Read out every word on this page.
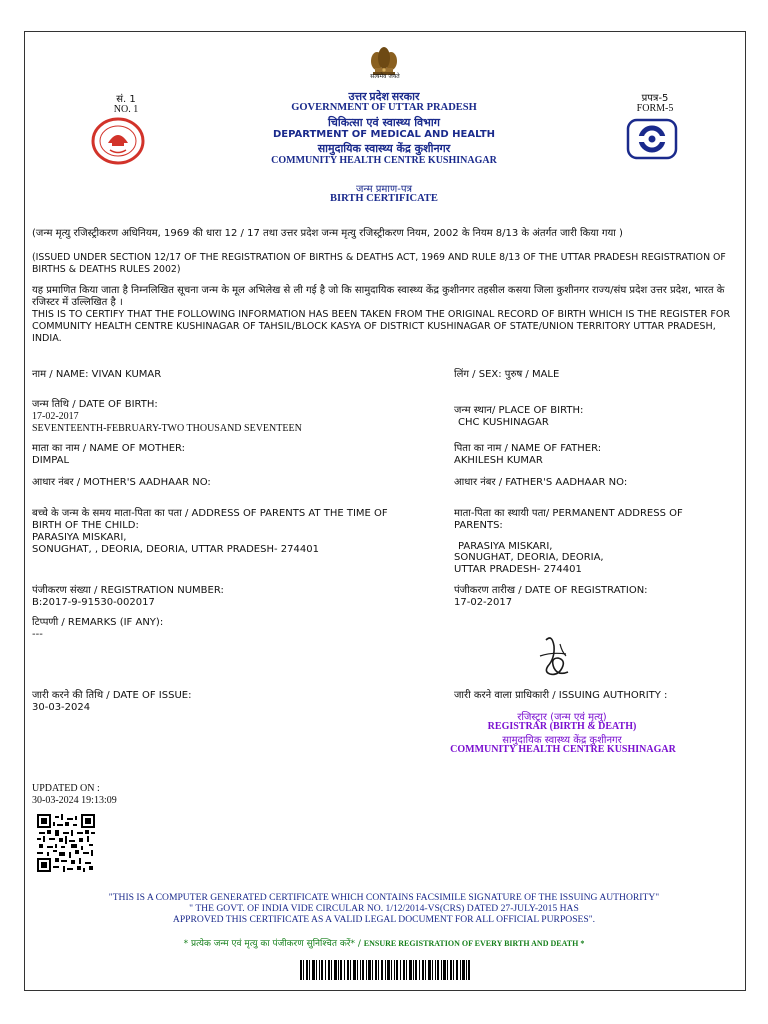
सत्यमेव जयते
सं. 1
NO. 1
प्रपत्र-5
FORM-5
उत्तर प्रदेश सरकार
GOVERNMENT OF UTTAR PRADESH
चिकित्सा एवं स्वास्थ्य विभाग
DEPARTMENT OF MEDICAL AND HEALTH
सामुदायिक स्वास्थ्य केंद्र कुशीनगर
COMMUNITY HEALTH CENTRE KUSHINAGAR
जन्म प्रमाण-पत्र
BIRTH CERTIFICATE
(जन्म मृत्यु रजिस्ट्रीकरण अधिनियम, 1969 की धारा 12 / 17 तथा उत्तर प्रदेश जन्म मृत्यु रजिस्ट्रीकरण नियम, 2002 के नियम 8/13 के अंतर्गत जारी किया गया )
(ISSUED UNDER SECTION 12/17 OF THE REGISTRATION OF BIRTHS & DEATHS ACT, 1969 AND RULE 8/13 OF THE UTTAR PRADESH REGISTRATION OF BIRTHS & DEATHS RULES 2002)
यह प्रमाणित किया जाता है निम्नलिखित सूचना जन्म के मूल अभिलेख से ली गई है जो कि सामुदायिक स्वास्थ्य केंद्र कुशीनगर तहसील कसया जिला कुशीनगर राज्य/संघ प्रदेश उत्तर प्रदेश, भारत के रजिस्टर में उल्लिखित है ।
THIS IS TO CERTIFY THAT THE FOLLOWING INFORMATION HAS BEEN TAKEN FROM THE ORIGINAL RECORD OF BIRTH WHICH IS THE REGISTER FOR COMMUNITY HEALTH CENTRE KUSHINAGAR OF TAHSIL/BLOCK KASYA OF DISTRICT KUSHINAGAR OF STATE/UNION TERRITORY UTTAR PRADESH, INDIA.
नाम / NAME: VIVAN KUMAR	लिंग / SEX: पुरुष / MALE
जन्म तिथि / DATE OF BIRTH:
17-02-2017
SEVENTEENTH-FEBRUARY-TWO THOUSAND SEVENTEEN
जन्म स्थान/ PLACE OF BIRTH:
CHC KUSHINAGAR
माता का नाम / NAME OF MOTHER:
DIMPAL
पिता का नाम / NAME OF FATHER:
AKHILESH KUMAR
आधार नंबर / MOTHER'S AADHAAR NO:	आधार नंबर / FATHER'S AADHAAR NO:
बच्चे के जन्म के समय माता-पिता का पता / ADDRESS OF PARENTS AT THE TIME OF
BIRTH OF THE CHILD:
PARASIYA MISKARI,
SONUGHAT, , DEORIA, DEORIA, UTTAR PRADESH- 274401
माता-पिता का स्थायी पता/ PERMANENT ADDRESS OF
PARENTS:
PARASIYA MISKARI,
SONUGHAT, DEORIA, DEORIA,
UTTAR PRADESH- 274401
पंजीकरण संख्या / REGISTRATION NUMBER:
B:2017-9-91530-002017
पंजीकरण तारीख / DATE OF REGISTRATION:
17-02-2017
टिप्पणी / REMARKS (IF ANY):
---
जारी करने की तिथि / DATE OF ISSUE:
30-03-2024
जारी करने वाला प्राधिकारी / ISSUING AUTHORITY :
रजिस्ट्रार (जन्म एवं मृत्यु)
REGISTRAR (BIRTH & DEATH)
सामुदायिक स्वास्थ्य केंद्र कुशीनगर
COMMUNITY HEALTH CENTRE KUSHINAGAR
UPDATED ON :
30-03-2024 19:13:09
"THIS IS A COMPUTER GENERATED CERTIFICATE WHICH CONTAINS FACSIMILE SIGNATURE OF THE ISSUING AUTHORITY"
" THE GOVT. OF INDIA VIDE CIRCULAR NO. 1/12/2014-VS(CRS) DATED 27-JULY-2015 HAS
APPROVED THIS CERTIFICATE AS A VALID LEGAL DOCUMENT FOR ALL OFFICIAL PURPOSES".
* प्रत्येक जन्म एवं मृत्यु का पंजीकरण सुनिश्चित करें* / ENSURE REGISTRATION OF EVERY BIRTH AND DEATH *
